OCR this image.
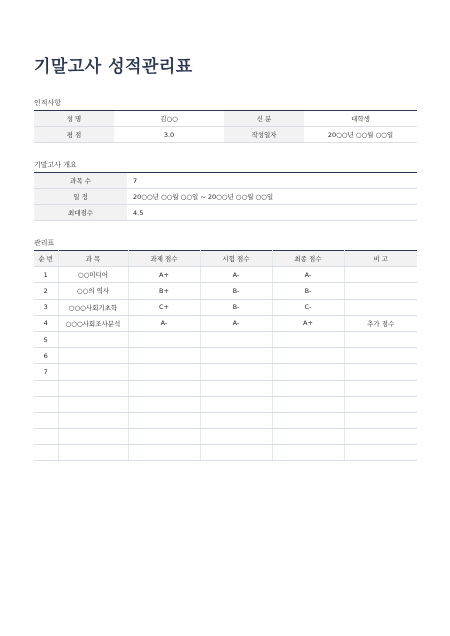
기말고사 성적관리표
인적사항
성 명	김○○	신 분	대학생
평 점	3.0	작성일자	20○○년 ○○월 ○○일
기말고사 개요
과목 수	7
일 정	20○○년 ○○월 ○○일 ~ 20○○년 ○○월 ○○일
최대점수	4.5
관리표
순 번	과 목	과제 점수	시험 점수	최종 점수	비 고
1	○○미디어	A+	A-	A-	
2	○○의 역사	B+	B-	B-	
3	○○○사회기초학	C+	B-	C-	
4	○○○사회조사분석	A-	A-	A+	추가 점수
5					
6					
7					
